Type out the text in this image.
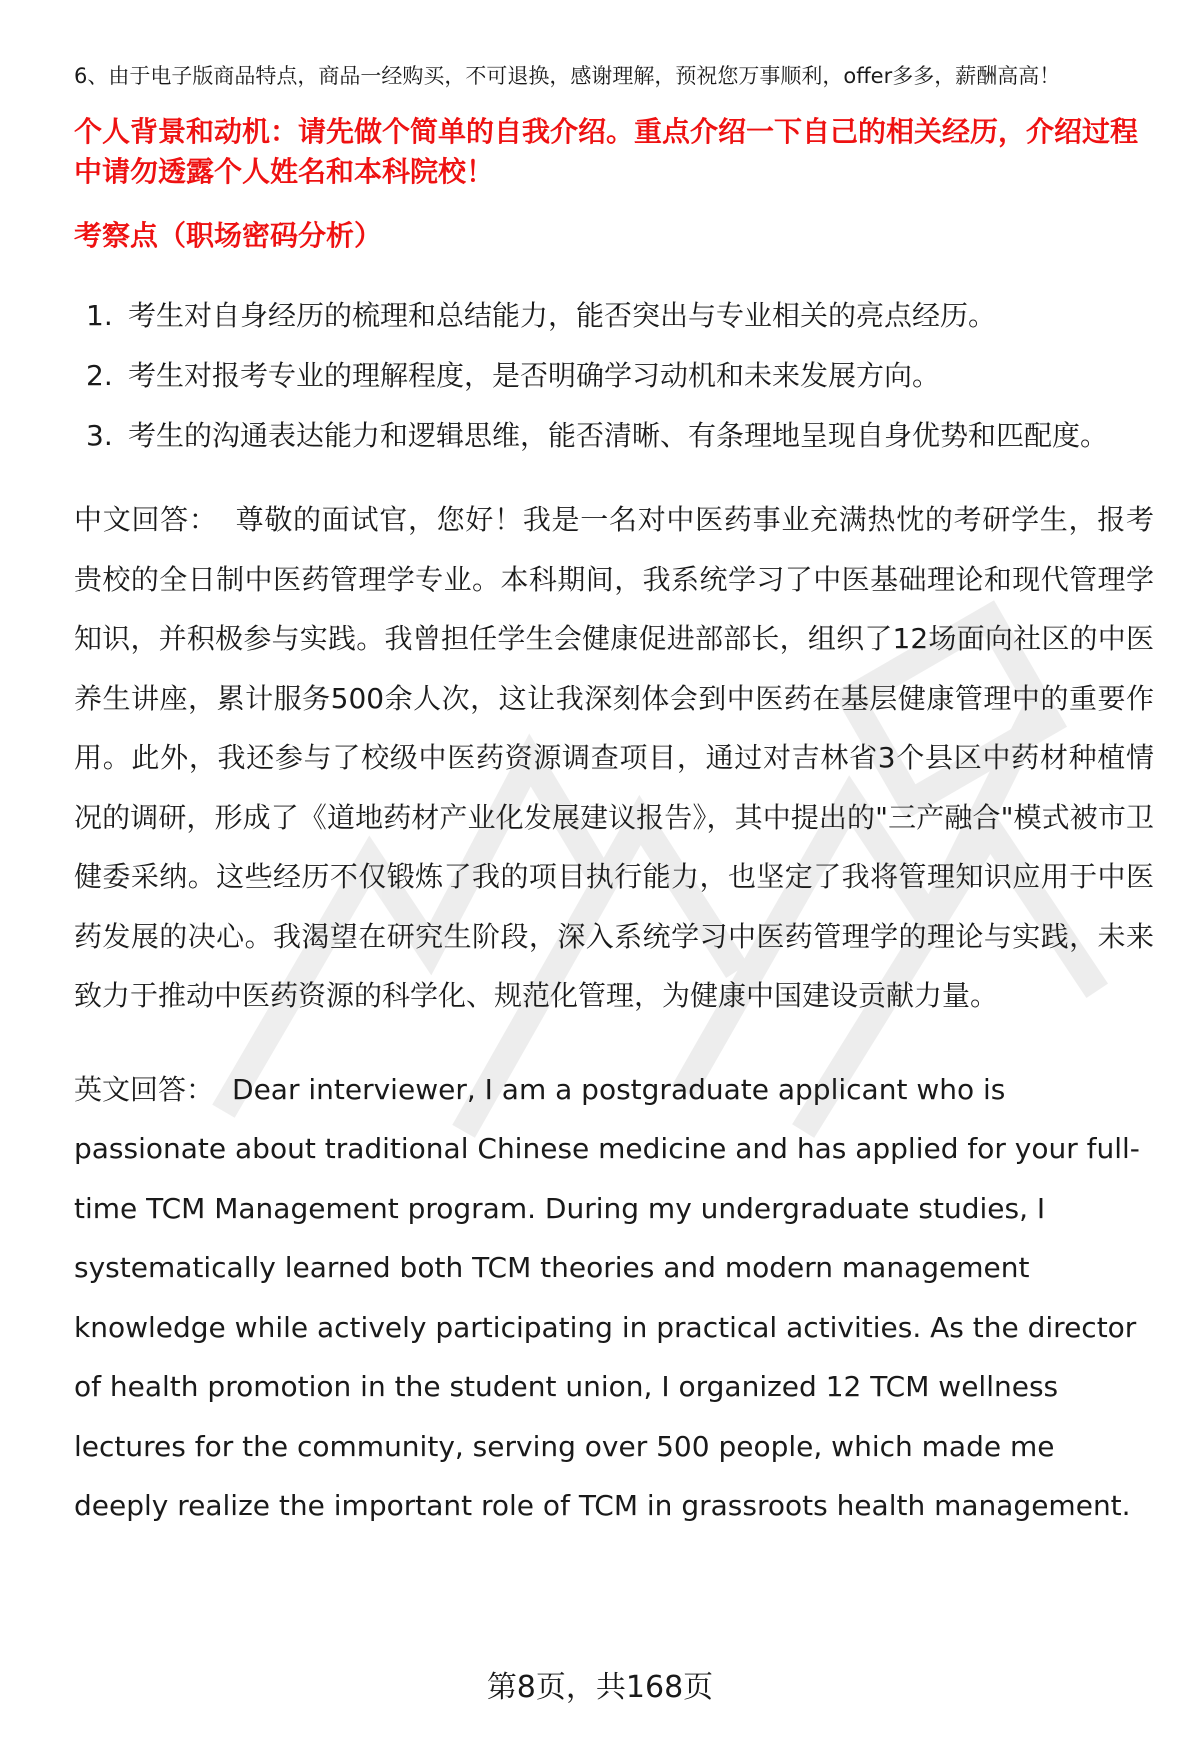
6、由于电子版商品特点，商品一经购买，不可退换，感谢理解，预祝您万事顺利，offer多多，薪酬高高！

个人背景和动机：请先做个简单的自我介绍。重点介绍一下自己的相关经历，介绍过程中请勿透露个人姓名和本科院校！

考察点（职场密码分析）

1. 考生对自身经历的梳理和总结能力，能否突出与专业相关的亮点经历。
2. 考生对报考专业的理解程度，是否明确学习动机和未来发展方向。
3. 考生的沟通表达能力和逻辑思维，能否清晰、有条理地呈现自身优势和匹配度。

中文回答： 尊敬的面试官，您好！我是一名对中医药事业充满热忱的考研学生，报考贵校的全日制中医药管理学专业。本科期间，我系统学习了中医基础理论和现代管理学知识，并积极参与实践。我曾担任学生会健康促进部部长，组织了12场面向社区的中医养生讲座，累计服务500余人次，这让我深刻体会到中医药在基层健康管理中的重要作用。此外，我还参与了校级中医药资源调查项目，通过对吉林省3个县区中药材种植情况的调研，形成了《道地药材产业化发展建议报告》，其中提出的"三产融合"模式被市卫健委采纳。这些经历不仅锻炼了我的项目执行能力，也坚定了我将管理知识应用于中医药发展的决心。我渴望在研究生阶段，深入系统学习中医药管理学的理论与实践，未来致力于推动中医药资源的科学化、规范化管理，为健康中国建设贡献力量。

英文回答： Dear interviewer, I am a postgraduate applicant who is passionate about traditional Chinese medicine and has applied for your full-time TCM Management program. During my undergraduate studies, I systematically learned both TCM theories and modern management knowledge while actively participating in practical activities. As the director of health promotion in the student union, I organized 12 TCM wellness lectures for the community, serving over 500 people, which made me deeply realize the important role of TCM in grassroots health management.

第8页，共168页
